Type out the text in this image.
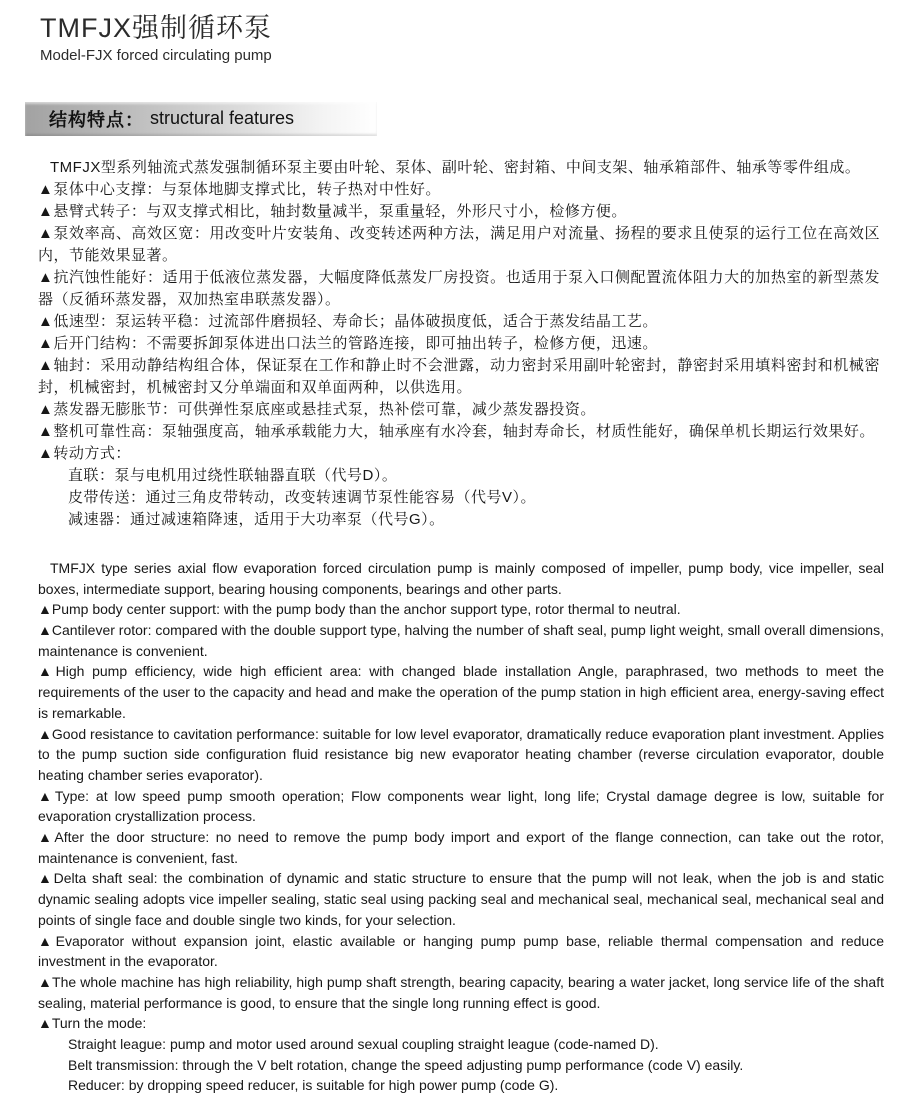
TMFJX强制循环泵
Model-FJX forced circulating pump
结构特点： structural features

TMFJX型系列轴流式蒸发强制循环泵主要由叶轮、泵体、副叶轮、密封箱、中间支架、轴承箱部件、轴承等零件组成。

▲泵体中心支撑：与泵体地脚支撑式比，转子热对中性好。

▲悬臂式转子：与双支撑式相比，轴封数量减半，泵重量轻，外形尺寸小，检修方便。

▲泵效率高、高效区宽：用改变叶片安装角、改变转述两种方法，满足用户对流量、扬程的要求且使泵的运行工位在高效区内，节能效果显著。

▲抗汽蚀性能好：适用于低液位蒸发器，大幅度降低蒸发厂房投资。也适用于泵入口侧配置流体阻力大的加热室的新型蒸发器（反循环蒸发器，双加热室串联蒸发器）。

▲低速型：泵运转平稳：过流部件磨损轻、寿命长；晶体破损度低，适合于蒸发结晶工艺。

▲后开门结构：不需要拆卸泵体进出口法兰的管路连接，即可抽出转子，检修方便，迅速。

▲轴封：采用动静结构组合体，保证泵在工作和静止时不会泄露，动力密封采用副叶轮密封，静密封采用填料密封和机械密封，机械密封，机械密封又分单端面和双单面两种，以供选用。

▲蒸发器无膨胀节：可供弹性泵底座或悬挂式泵，热补偿可靠，减少蒸发器投资。

▲整机可靠性高：泵轴强度高，轴承承载能力大，轴承座有水冷套，轴封寿命长，材质性能好，确保单机长期运行效果好。

▲转动方式：

直联：泵与电机用过绕性联轴器直联（代号D）。

皮带传送：通过三角皮带转动，改变转速调节泵性能容易（代号V）。

减速器：通过减速箱降速，适用于大功率泵（代号G）。

TMFJX type series axial flow evaporation forced circulation pump is mainly composed of impeller, pump body, vice impeller, seal boxes, intermediate support, bearing housing components, bearings and other parts.

▲Pump body center support: with the pump body than the anchor support type, rotor thermal to neutral.

▲Cantilever rotor: compared with the double support type, halving the number of shaft seal, pump light weight, small overall dimensions, maintenance is convenient.

▲High pump efficiency, wide high efficient area: with changed blade installation Angle, paraphrased, two methods to meet the requirements of the user to the capacity and head and make the operation of the pump station in high efficient area, energy-saving effect is remarkable.

▲Good resistance to cavitation performance: suitable for low level evaporator, dramatically reduce evaporation plant investment. Applies to the pump suction side configuration fluid resistance big new evaporator heating chamber (reverse circulation evaporator, double heating chamber series evaporator).

▲Type: at low speed pump smooth operation; Flow components wear light, long life; Crystal damage degree is low, suitable for evaporation crystallization process.

▲After the door structure: no need to remove the pump body import and export of the flange connection, can take out the rotor, maintenance is convenient, fast.

▲Delta shaft seal: the combination of dynamic and static structure to ensure that the pump will not leak, when the job is and static dynamic sealing adopts vice impeller sealing, static seal using packing seal and mechanical seal, mechanical seal, mechanical seal and points of single face and double single two kinds, for your selection.

▲Evaporator without expansion joint, elastic available or hanging pump pump base, reliable thermal compensation and reduce investment in the evaporator.

▲The whole machine has high reliability, high pump shaft strength, bearing capacity, bearing a water jacket, long service life of the shaft sealing, material performance is good, to ensure that the single long running effect is good.

▲Turn the mode:

Straight league: pump and motor used around sexual coupling straight league (code-named D).

Belt transmission: through the V belt rotation, change the speed adjusting pump performance (code V) easily.

Reducer: by dropping speed reducer, is suitable for high power pump (code G).
